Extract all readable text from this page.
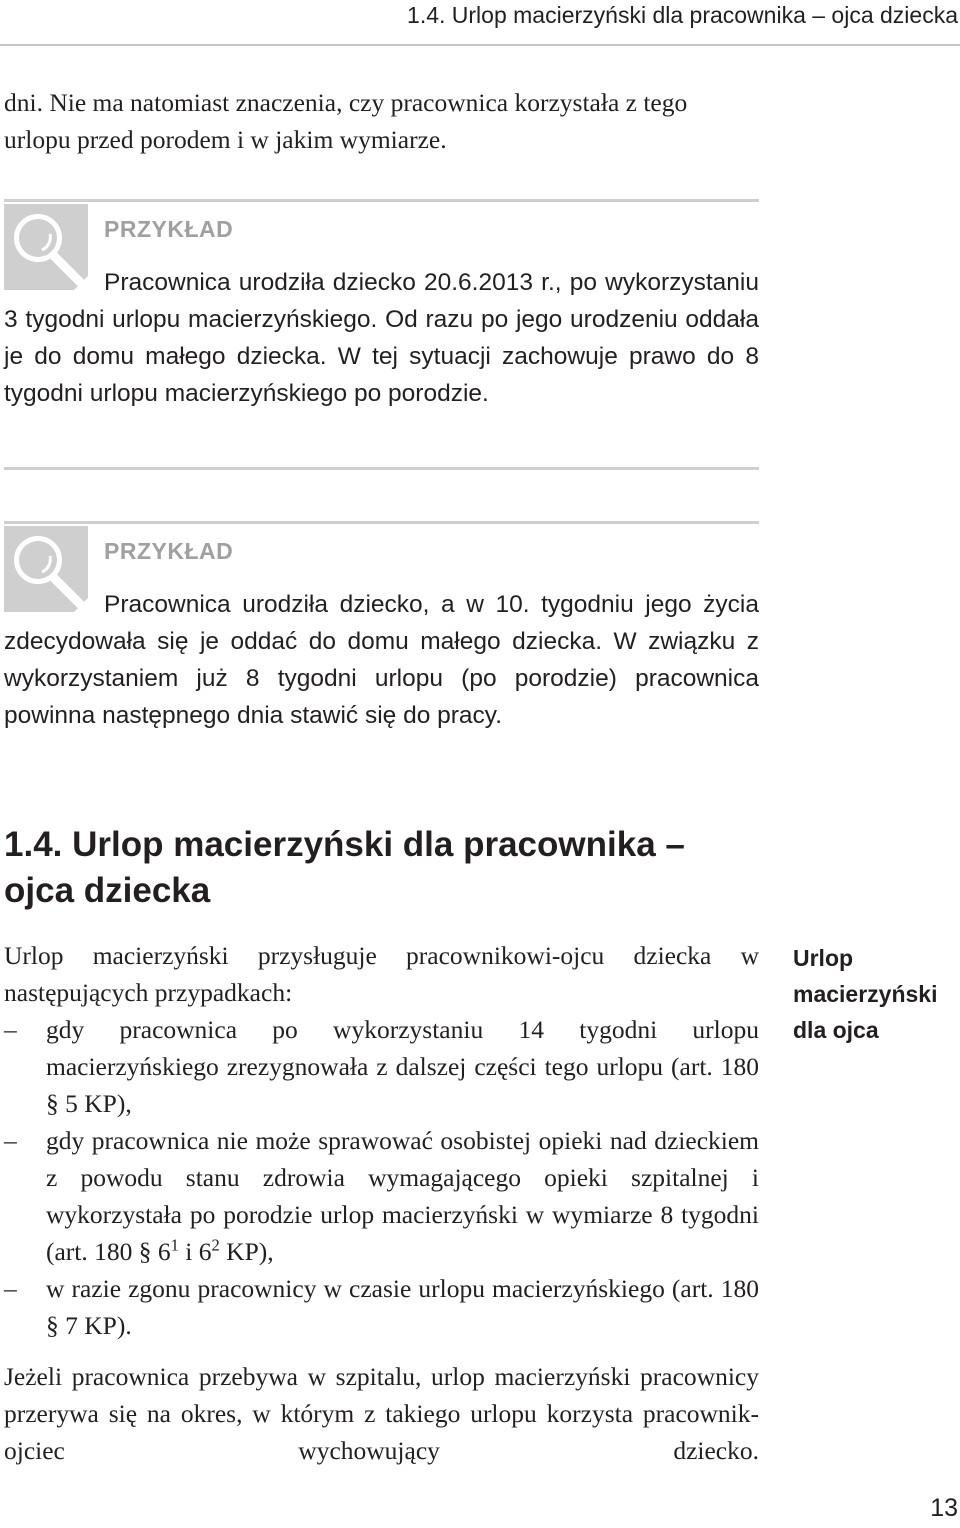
1.4. Urlop macierzyński dla pracownika – ojca dziecka

dni. Nie ma natomiast znaczenia, czy pracownica korzystała z tego urlopu przed porodem i w jakim wymiarze.

PRZYKŁAD

Pracownica urodziła dziecko 20.6.2013 r., po wykorzystaniu 3 tygodni urlopu macierzyńskiego. Od razu po jego urodzeniu oddała je do domu małego dziecka. W tej sytuacji zachowuje prawo do 8 tygodni urlopu macierzyńskiego po porodzie.

PRZYKŁAD

Pracownica urodziła dziecko, a w 10. tygodniu jego życia zdecydowała się je oddać do domu małego dziecka. W związku z wykorzystaniem już 8 tygodni urlopu (po porodzie) pracownica powinna następnego dnia stawić się do pracy.

1.4. Urlop macierzyński dla pracownika – ojca dziecka

Urlop macierzyński przysługuje pracownikowi-ojcu dziecka w następujących przypadkach:

– gdy pracownica po wykorzystaniu 14 tygodni urlopu macierzyńskiego zrezygnowała z dalszej części tego urlopu (art. 180 § 5 KP),
– gdy pracownica nie może sprawować osobistej opieki nad dzieckiem z powodu stanu zdrowia wymagającego opieki szpitalnej i wykorzystała po porodzie urlop macierzyński w wymiarze 8 tygodni (art. 180 § $6^1$ i $6^2$ KP),
– w razie zgonu pracownicy w czasie urlopu macierzyńskiego (art. 180 § 7 KP).

Jeżeli pracownica przebywa w szpitalu, urlop macierzyński pracownicy przerywa się na okres, w którym z takiego urlopu korzysta pracownik-ojciec wychowujący dziecko.

Urlop
macierzyński
dla ojca
13
